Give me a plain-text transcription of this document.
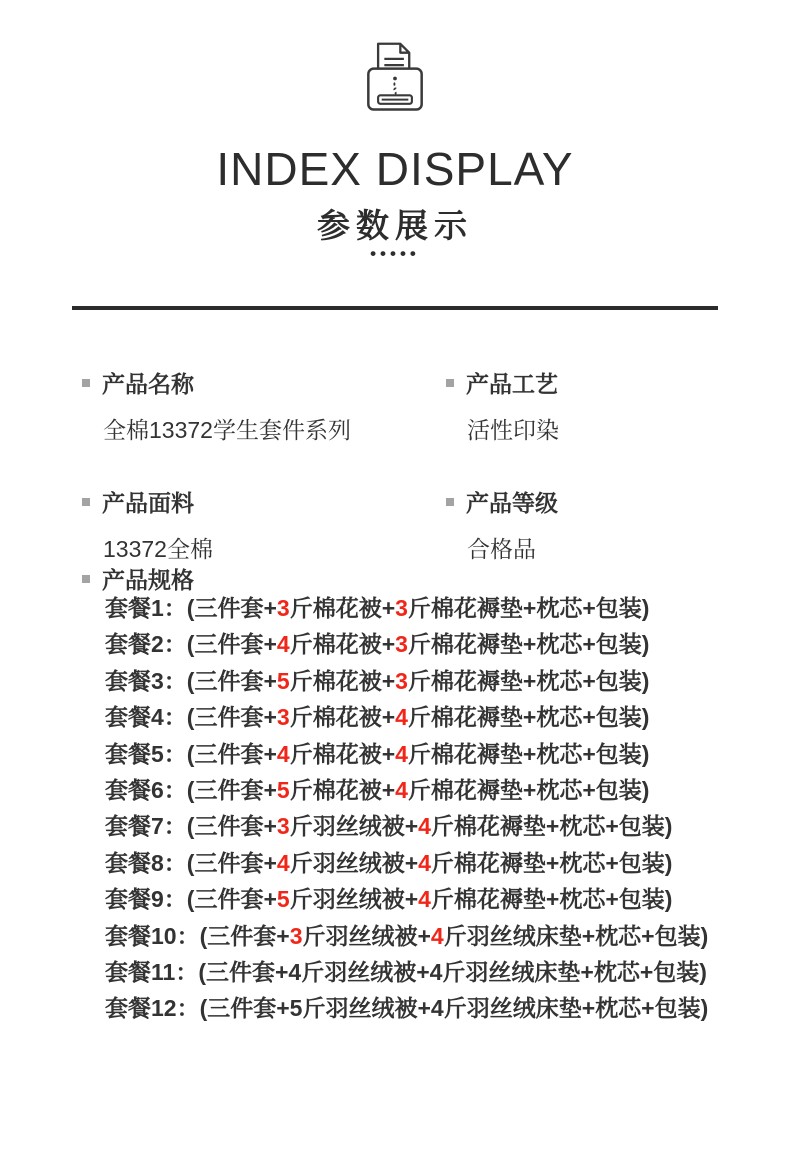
INDEX DISPLAY
参数展示
•••••
产品名称
全棉13372学生套件系列
产品工艺
活性印染
产品面料
13372全棉
产品等级
合格品
产品规格
套餐1：(三件套+3斤棉花被+3斤棉花褥垫+枕芯+包装)
套餐2：(三件套+4斤棉花被+3斤棉花褥垫+枕芯+包装)
套餐3：(三件套+5斤棉花被+3斤棉花褥垫+枕芯+包装)
套餐4：(三件套+3斤棉花被+4斤棉花褥垫+枕芯+包装)
套餐5：(三件套+4斤棉花被+4斤棉花褥垫+枕芯+包装)
套餐6：(三件套+5斤棉花被+4斤棉花褥垫+枕芯+包装)
套餐7：(三件套+3斤羽丝绒被+4斤棉花褥垫+枕芯+包装)
套餐8：(三件套+4斤羽丝绒被+4斤棉花褥垫+枕芯+包装)
套餐9：(三件套+5斤羽丝绒被+4斤棉花褥垫+枕芯+包装)
套餐10：(三件套+3斤羽丝绒被+4斤羽丝绒床垫+枕芯+包装)
套餐11：(三件套+4斤羽丝绒被+4斤羽丝绒床垫+枕芯+包装)
套餐12：(三件套+5斤羽丝绒被+4斤羽丝绒床垫+枕芯+包装)
